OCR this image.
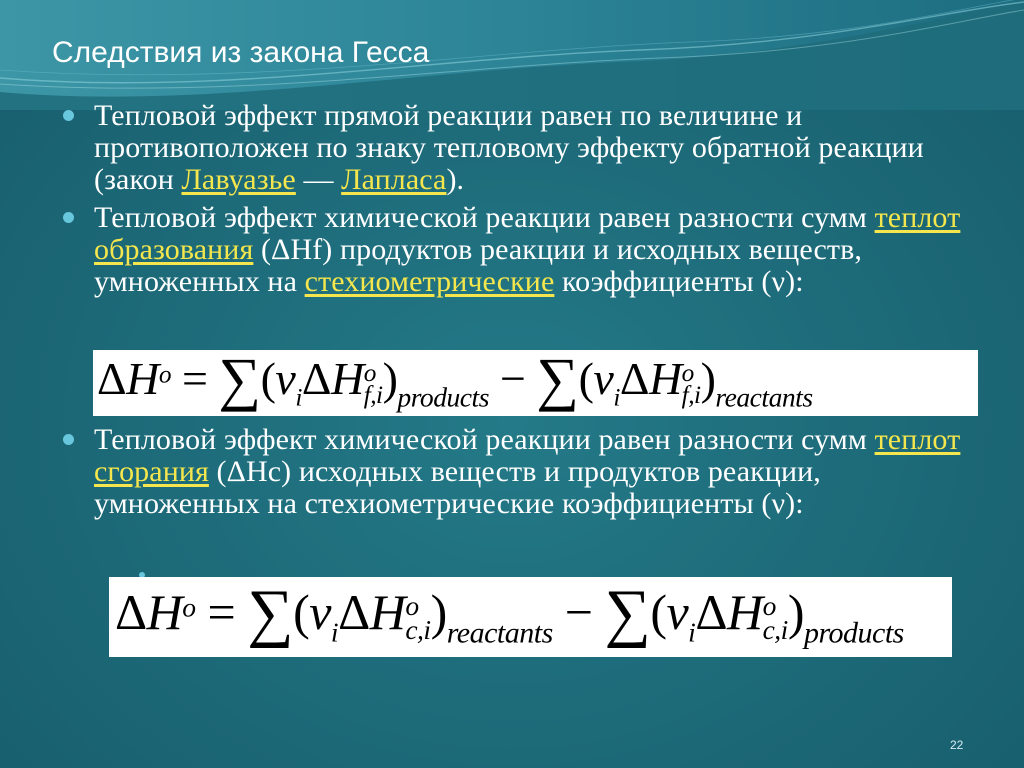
Следствия из закона Гесса
Тепловой эффект прямой реакции равен по величине и противоположен по знаку тепловому эффекту обратной реакции (закон Лавуазье — Лапласа).
Тепловой эффект химической реакции равен разности сумм теплот образования (ΔHf) продуктов реакции и исходных веществ, умноженных на стехиометрические коэффициенты (ν):
Тепловой эффект химической реакции равен разности сумм теплот сгорания (ΔHc) исходных веществ и продуктов реакции, умноженных на стехиометрические коэффициенты (ν):
$\Delta H^o = \sum(\nu_i\Delta H$ o
f,i )$_{products} - \sum(\nu_i\Delta H$ o
f,i )$_{reactants}$
$\Delta H^o = \sum(\nu_i\Delta H$ o
c,i )$_{reactants} - \sum(\nu_i\Delta H$ o
c,i )$_{products}$
22
